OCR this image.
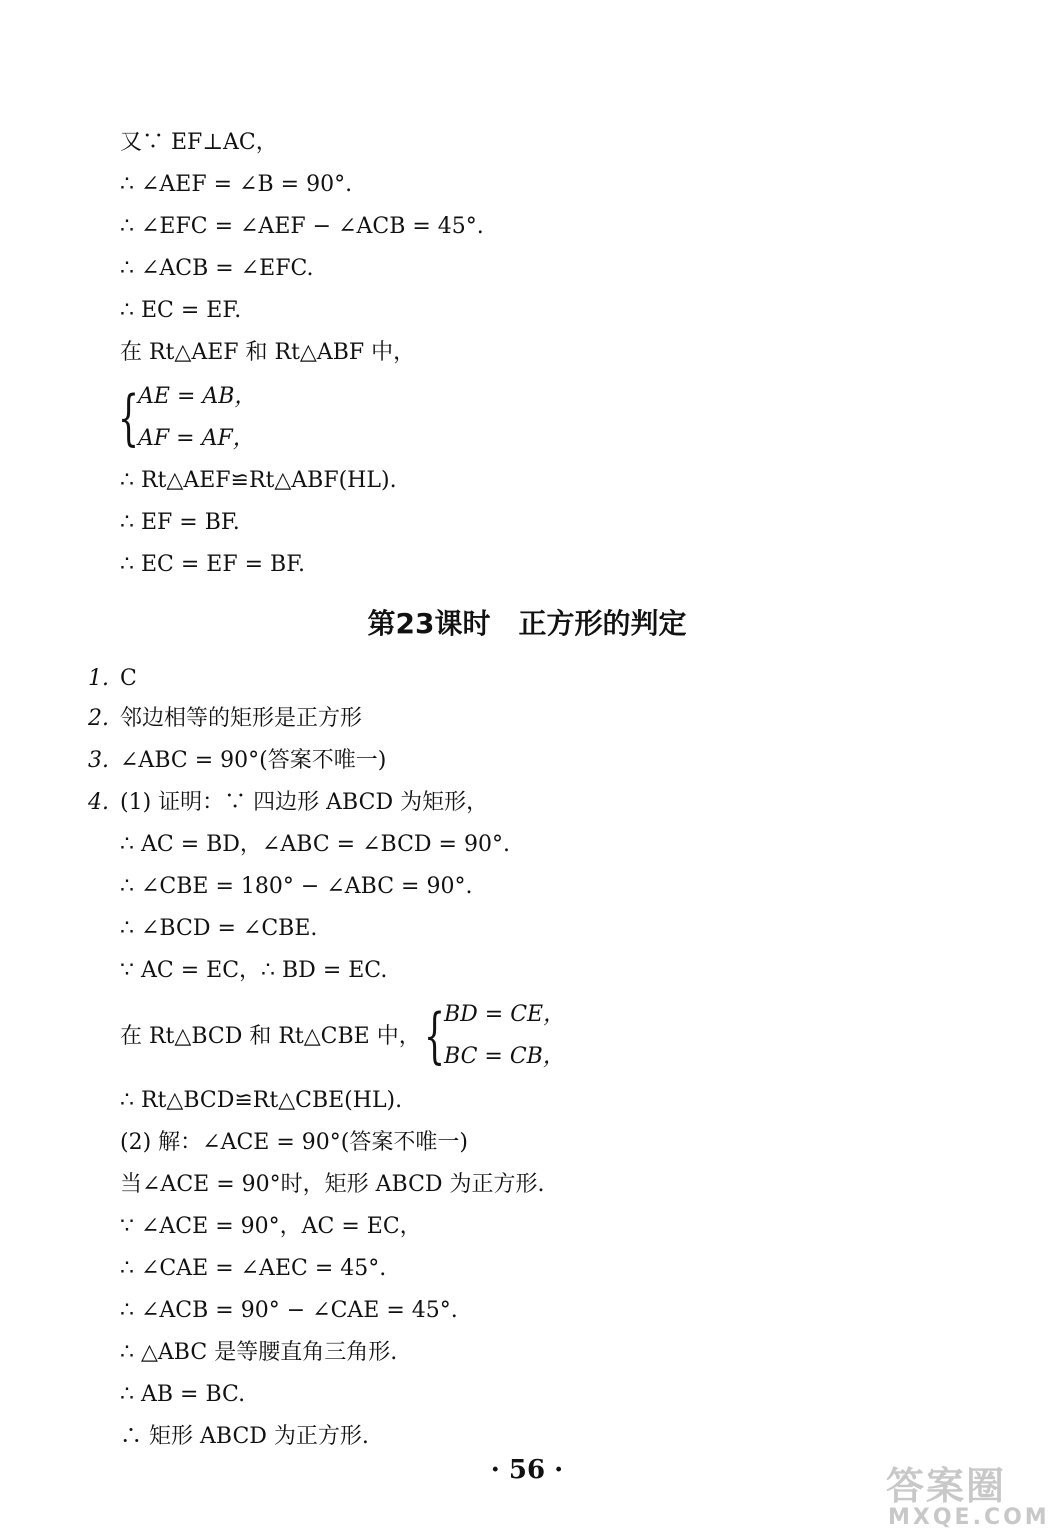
又∵ EF⊥AC，
∴ ∠AEF = ∠B = 90°.
∴ ∠EFC = ∠AEF − ∠ACB = 45°.
∴ ∠ACB = ∠EFC.
∴ EC = EF.
在 Rt△AEF 和 Rt△ABF 中，
{
AE = AB，
AF = AF，
∴ Rt△AEF≌Rt△ABF(HL).
∴ EF = BF.
∴ EC = EF = BF.
第23课时　正方形的判定
1. C
2. 邻边相等的矩形是正方形
3. ∠ABC = 90°(答案不唯一)
4. (1) 证明：∵ 四边形 ABCD 为矩形，
∴ AC = BD，∠ABC = ∠BCD = 90°.
∴ ∠CBE = 180° − ∠ABC = 90°.
∴ ∠BCD = ∠CBE.
∵ AC = EC，∴ BD = EC.
在 Rt△BCD 和 Rt△CBE 中， {
BD = CE，
BC = CB，
∴ Rt△BCD≌Rt△CBE(HL).
(2) 解：∠ACE = 90°(答案不唯一)
当∠ACE = 90°时，矩形 ABCD 为正方形.
∵ ∠ACE = 90°，AC = EC，
∴ ∠CAE = ∠AEC = 45°.
∴ ∠ACB = 90° − ∠CAE = 45°.
∴ △ABC 是等腰直角三角形.
∴ AB = BC.
∴ 矩形 ABCD 为正方形.
· 56 ·	答案圈
MXQE.COM
